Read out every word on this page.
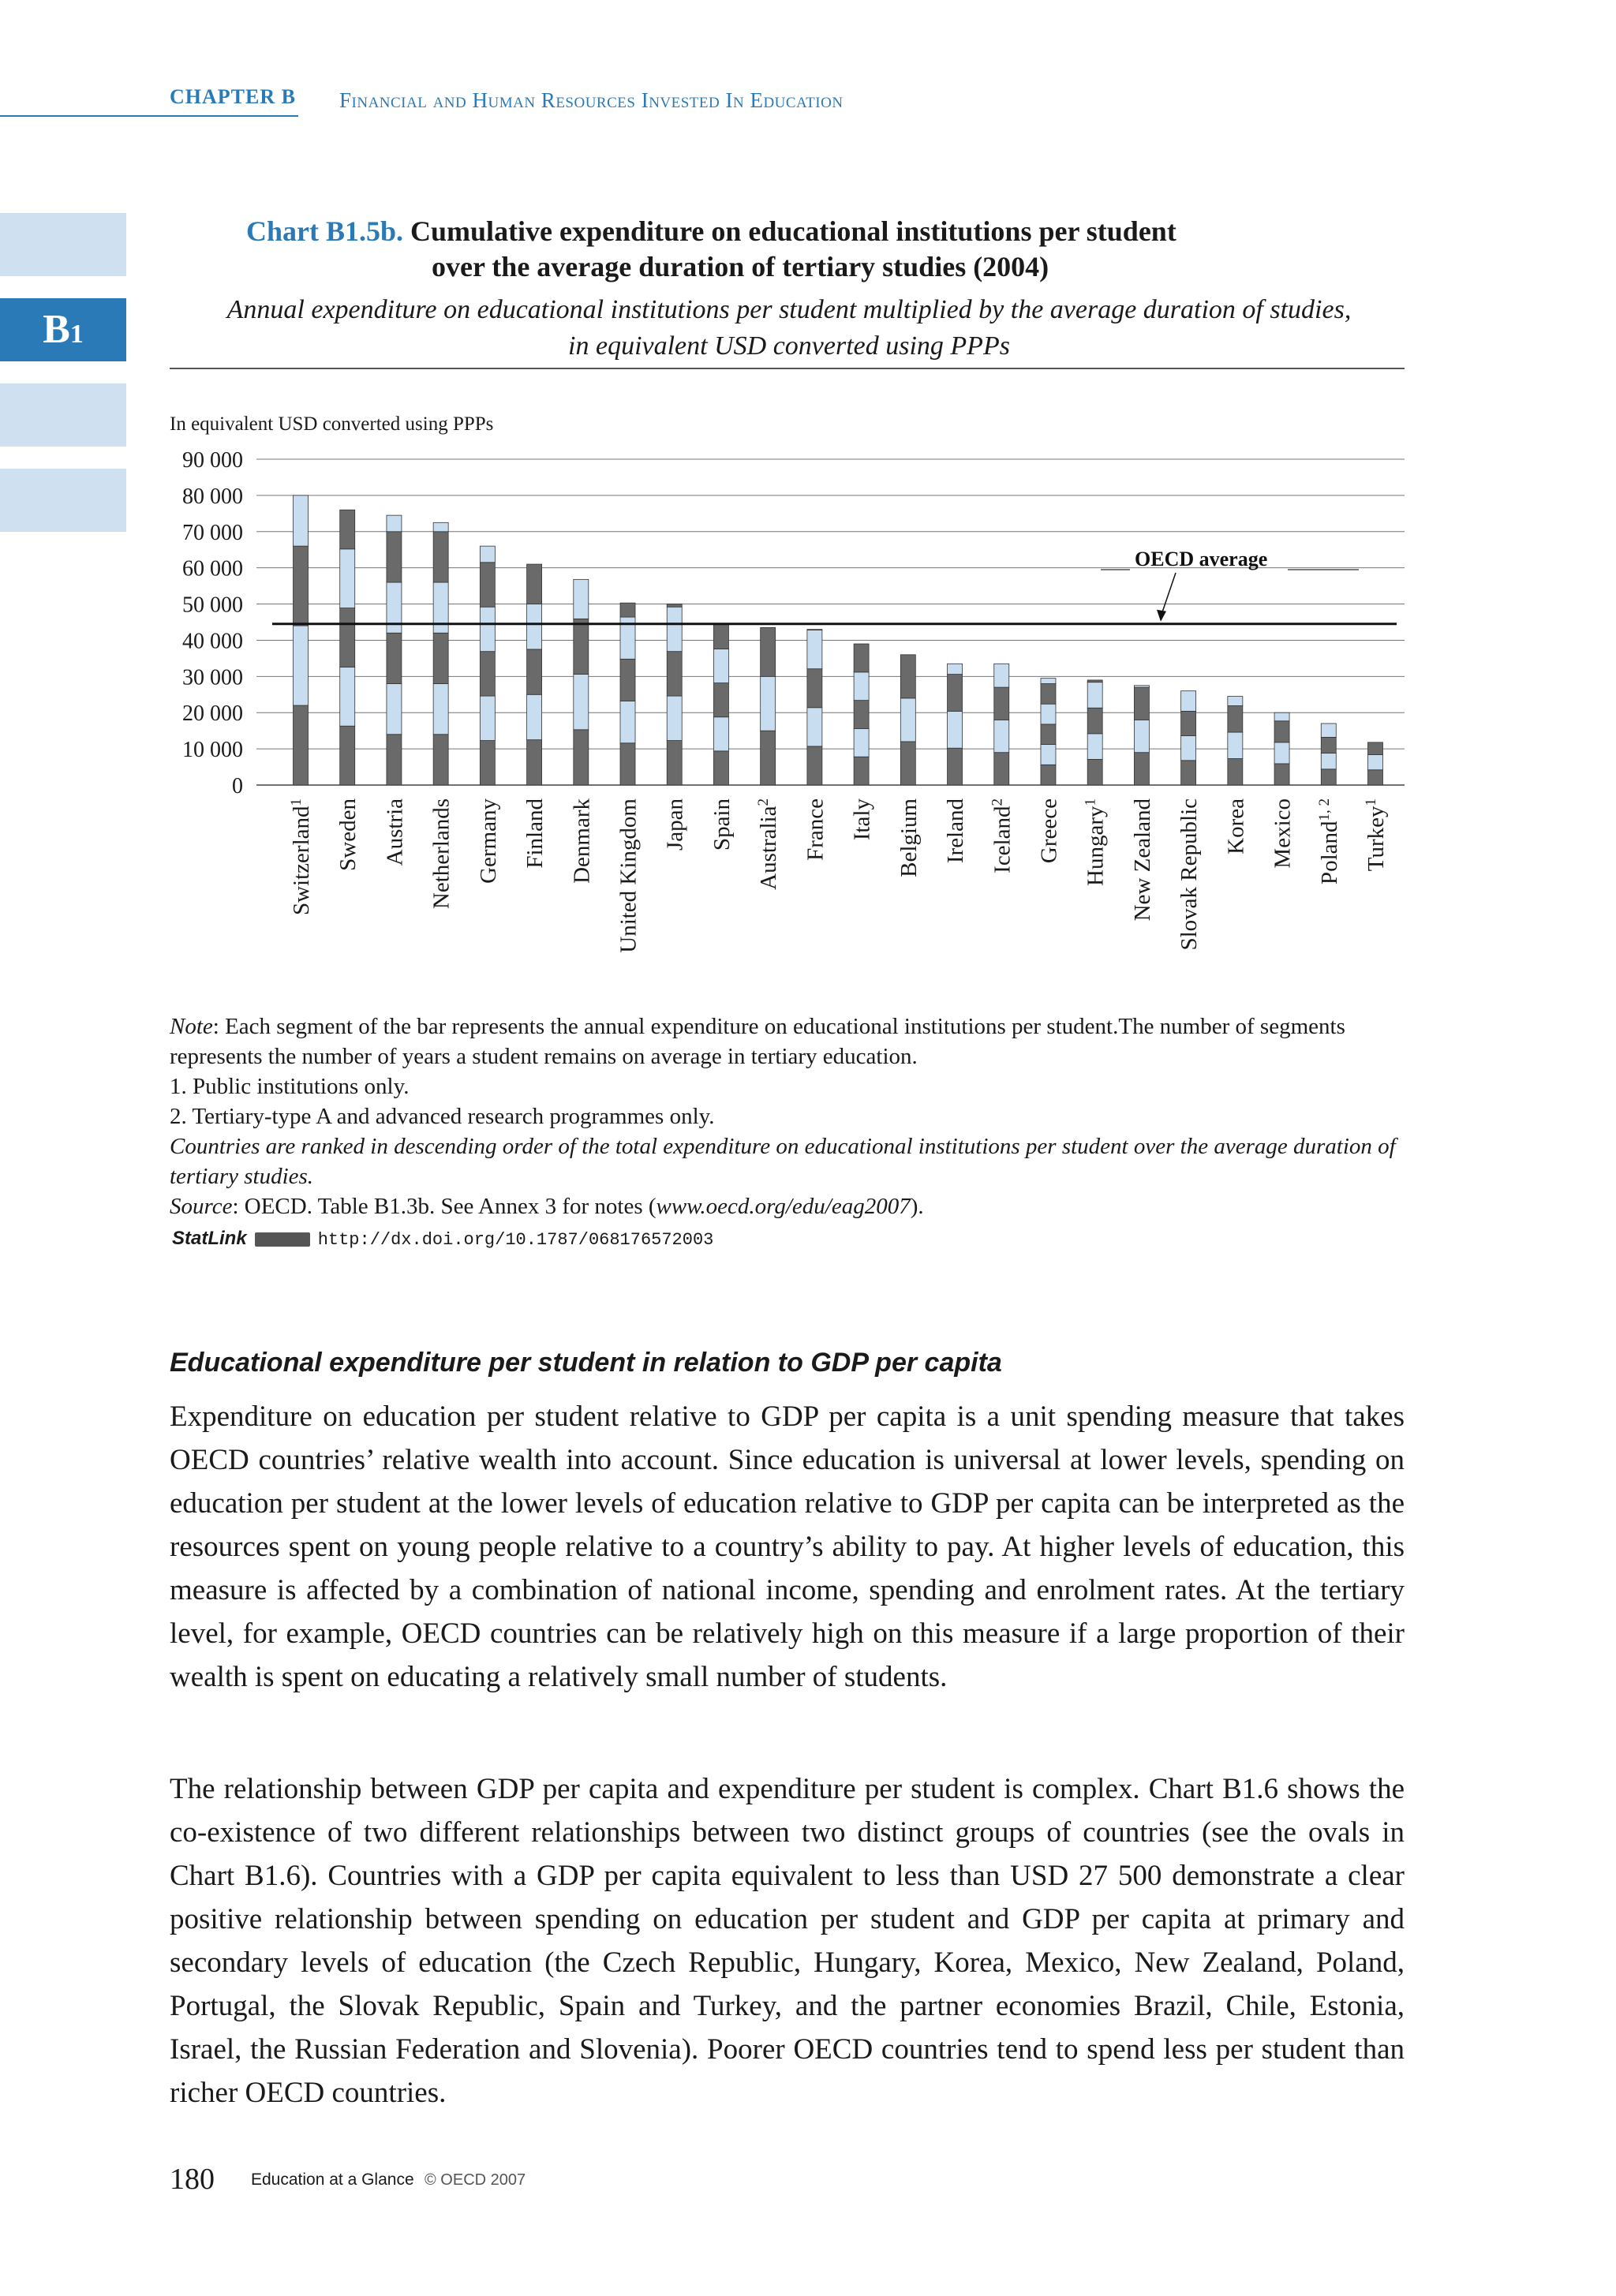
CHAPTER B Financial and Human Resources Invested In Education
B1
Chart B1.5b. Cumulative expenditure on educational institutions per student
over the average duration of tertiary studies (2004)
Annual expenditure on educational institutions per student multiplied by the average duration of studies,
in equivalent USD converted using PPPs
In equivalent USD converted using PPPs
0
10 000
20 000
30 000
40 000
50 000
60 000
70 000
80 000
90 000
OECD average
Switzerland$^1$	Sweden Austria Netherlands Germany Finland Denmark United Kingdom Japan Spain Australia$^2$	France Italy Belgium Ireland Iceland$^2$	Greece Hungary$^1$	New Zealand Slovak Republic Korea Mexico Poland$^{1, 2}$	Turkey$^1$

Note: Each segment of the bar represents the annual expenditure on educational institutions per student.The number of segments represents the number of years a student remains on average in tertiary education.

1. Public institutions only.

2. Tertiary-type A and advanced research programmes only.

Countries are ranked in descending order of the total expenditure on educational institutions per student over the average duration of tertiary studies.

Source: OECD. Table B1.3b. See Annex 3 for notes (www.oecd.org/edu/eag2007).

StatLink	http://dx.doi.org/10.1787/068176572003
Educational expenditure per student in relation to GDP per capita

Expenditure on education per student relative to GDP per capita is a unit spending measure that takes OECD countries’ relative wealth into account. Since education is universal at lower levels, spending on education per student at the lower levels of education relative to GDP per capita can be interpreted as the resources spent on young people relative to a country’s ability to pay. At higher levels of education, this measure is affected by a combination of national income, spending and enrolment rates. At the tertiary level, for example, OECD countries can be relatively high on this measure if a large proportion of their wealth is spent on educating a relatively small number of students.

The relationship between GDP per capita and expenditure per student is complex. Chart B1.6 shows the co-existence of two different relationships between two distinct groups of countries (see the ovals in Chart B1.6). Countries with a GDP per capita equivalent to less than USD 27 500 demonstrate a clear positive relationship between spending on education per student and GDP per capita at primary and secondary levels of education (the Czech Republic, Hungary, Korea, Mexico, New Zealand, Poland, Portugal, the Slovak Republic, Spain and Turkey, and the partner economies Brazil, Chile, Estonia, Israel, the Russian Federation and Slovenia). Poorer OECD countries tend to spend less per student than richer OECD countries.

180 Education at a Glance © OECD 2007
